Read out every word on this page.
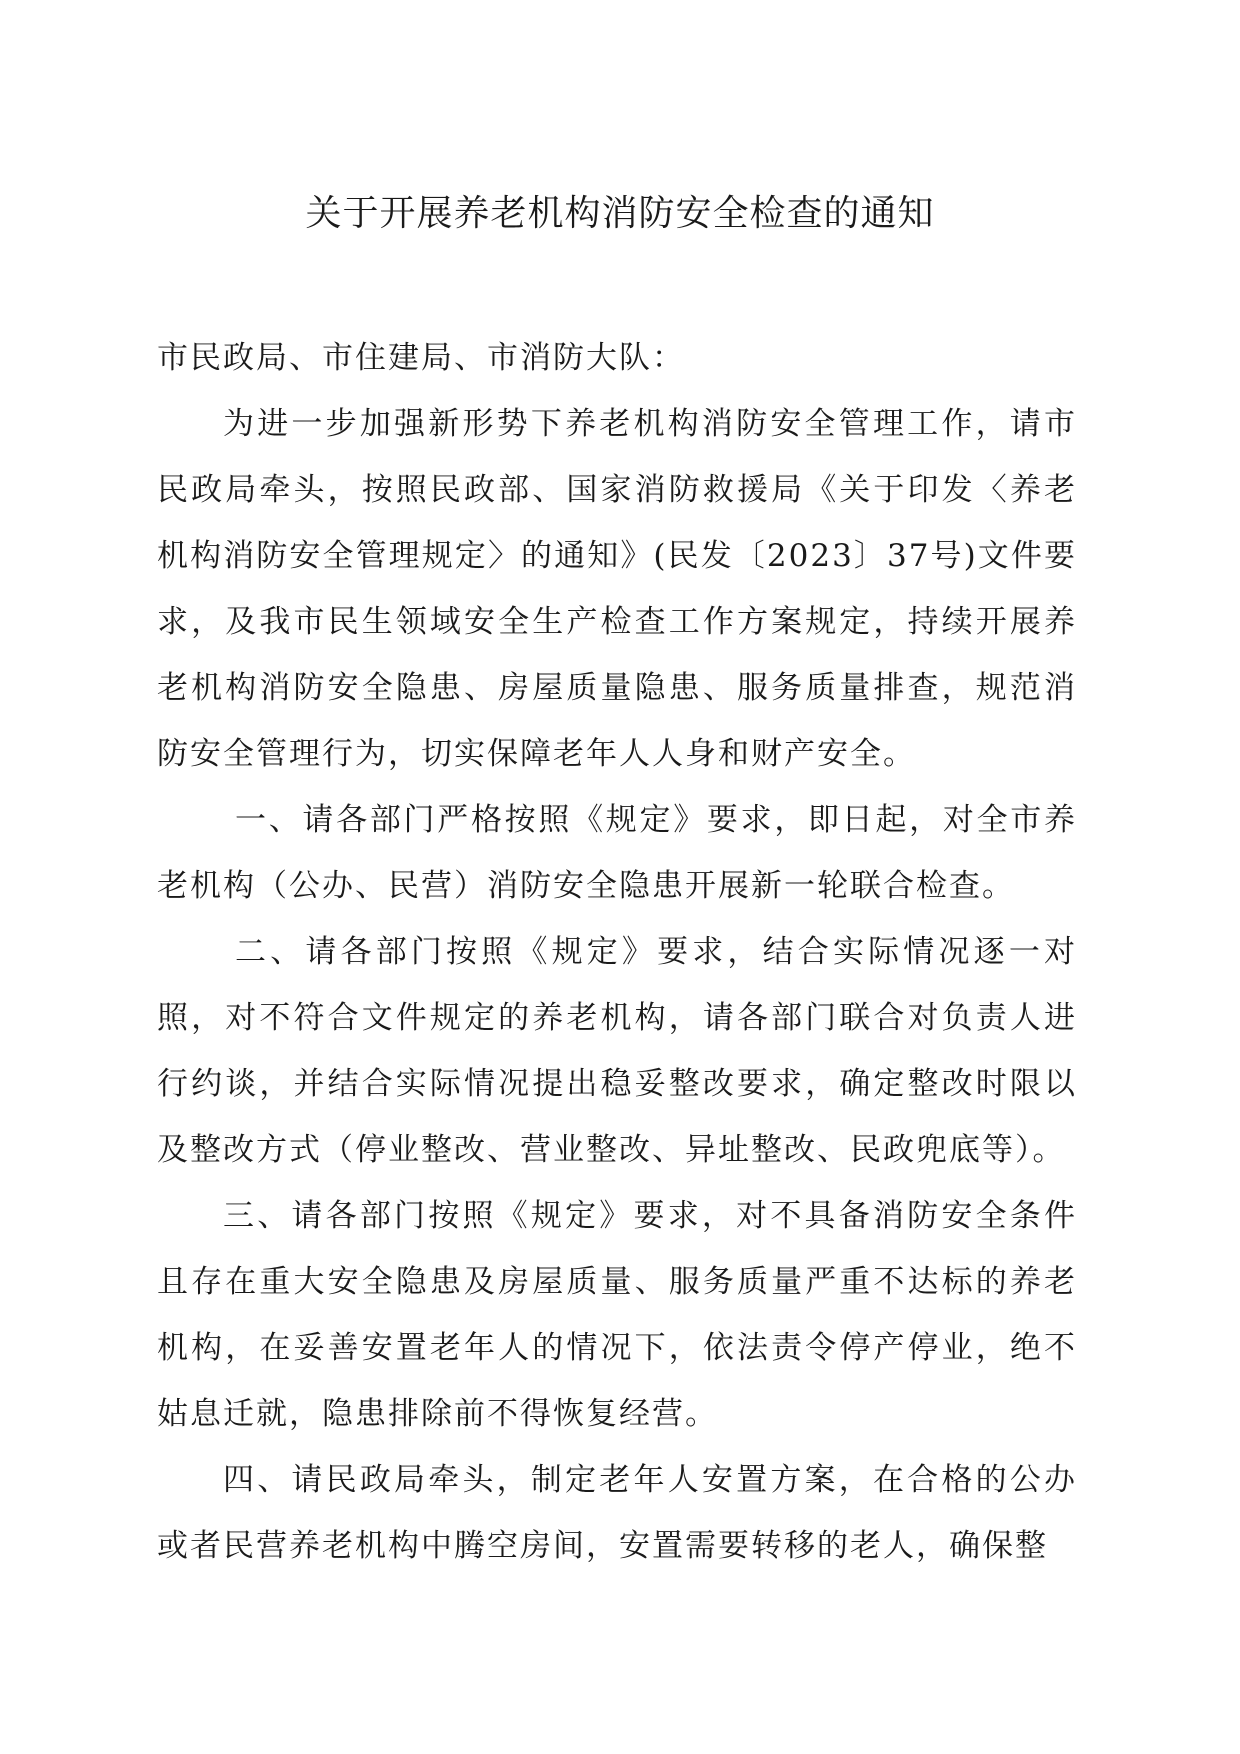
关于开展养老机构消防安全检查的通知

市民政局、市住建局、市消防大队：

为进一步加强新形势下养老机构消防安全管理工作，请市民政局牵头，按照民政部、国家消防救援局《关于印发〈养老机构消防安全管理规定〉的通知》(民发〔2023〕37号)文件要求，及我市民生领域安全生产检查工作方案规定，持续开展养老机构消防安全隐患、房屋质量隐患、服务质量排查，规范消防安全管理行为，切实保障老年人人身和财产安全。

一、请各部门严格按照《规定》要求，即日起，对全市养老机构（公办、民营）消防安全隐患开展新一轮联合检查。

二、请各部门按照《规定》要求，结合实际情况逐一对照，对不符合文件规定的养老机构，请各部门联合对负责人进行约谈，并结合实际情况提出稳妥整改要求，确定整改时限以及整改方式（停业整改、营业整改、异址整改、民政兜底等）。

三、请各部门按照《规定》要求，对不具备消防安全条件且存在重大安全隐患及房屋质量、服务质量严重不达标的养老机构，在妥善安置老年人的情况下，依法责令停产停业，绝不姑息迁就，隐患排除前不得恢复经营。

四、请民政局牵头，制定老年人安置方案，在合格的公办或者民营养老机构中腾空房间，安置需要转移的老人，确保整
